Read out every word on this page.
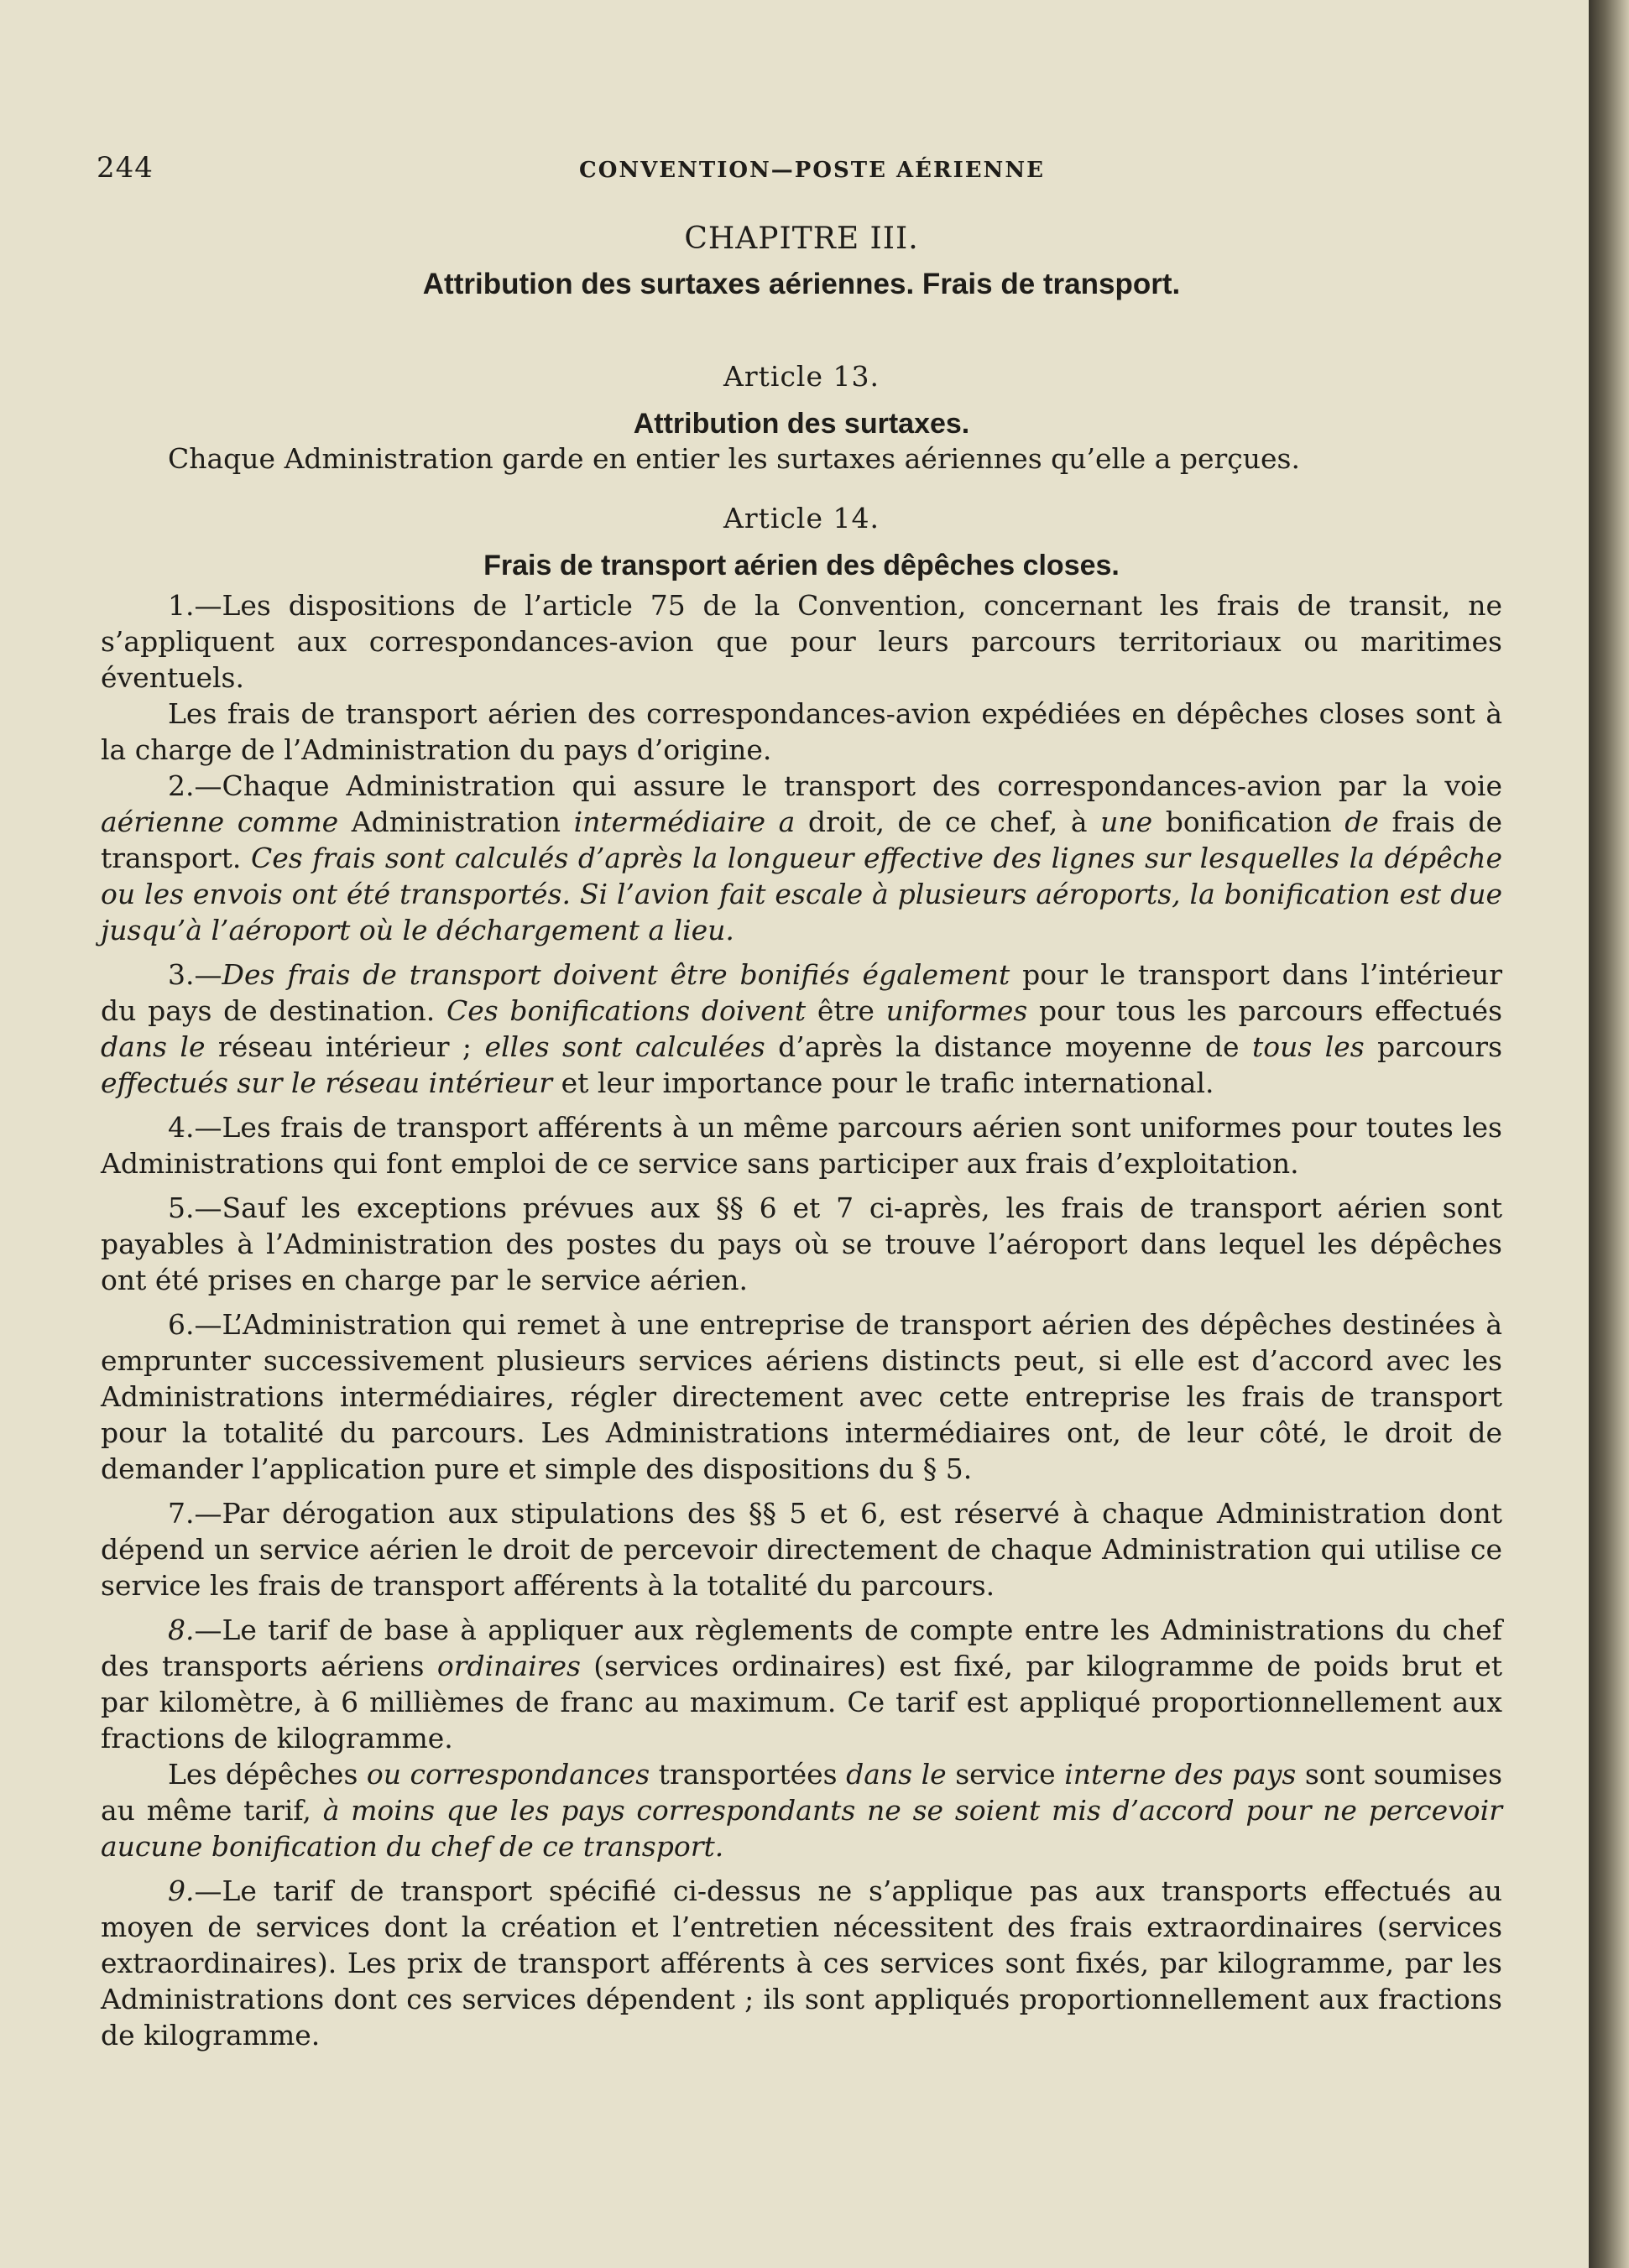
244	CONVENTION—POSTE AÉRIENNE
CHAPITRE III.
Attribution des surtaxes aériennes. Frais de transport.
Article 13.
Attribution des surtaxes.

Chaque Administration garde en entier les surtaxes aériennes qu’elle a perçues.

Article 14.
Frais de transport aérien des dêpêches closes.

1.—Les dispositions de l’article 75 de la Convention, concernant les frais de transit, ne s’appliquent aux correspondances-avion que pour leurs parcours territoriaux ou maritimes éventuels.

Les frais de transport aérien des correspondances-avion expédiées en dépêches closes sont à la charge de l’Administration du pays d’origine.

2.—Chaque Administration qui assure le transport des correspondances-avion par la voie aérienne comme Administration intermédiaire a droit, de ce chef, à une bonification de frais de transport. Ces frais sont calculés d’après la longueur effective des lignes sur lesquelles la dépêche ou les envois ont été transportés. Si l’avion fait escale à plusieurs aéroports, la bonification est due jusqu’à l’aéroport où le déchargement a lieu.

3.—Des frais de transport doivent être bonifiés également pour le transport dans l’intérieur du pays de destination. Ces bonifications doivent être uniformes pour tous les parcours effectués dans le réseau intérieur ; elles sont calculées d’après la distance moyenne de tous les parcours effectués sur le réseau intérieur et leur importance pour le trafic international.

4.—Les frais de transport afférents à un même parcours aérien sont uniformes pour toutes les Administrations qui font emploi de ce service sans participer aux frais d’exploitation.

5.—Sauf les exceptions prévues aux §§ 6 et 7 ci-après, les frais de transport aérien sont payables à l’Administration des postes du pays où se trouve l’aéroport dans lequel les dépêches ont été prises en charge par le service aérien.

6.—L’Administration qui remet à une entreprise de transport aérien des dépêches destinées à emprunter successivement plusieurs services aériens distincts peut, si elle est d’accord avec les Administrations intermédiaires, régler directement avec cette entreprise les frais de transport pour la totalité du parcours. Les Administrations intermédiaires ont, de leur côté, le droit de demander l’application pure et simple des dispositions du § 5.

7.—Par dérogation aux stipulations des §§ 5 et 6, est réservé à chaque Administration dont dépend un service aérien le droit de percevoir directement de chaque Administration qui utilise ce service les frais de transport afférents à la totalité du parcours.

8.—Le tarif de base à appliquer aux règlements de compte entre les Administrations du chef des transports aériens ordinaires (services ordinaires) est fixé, par kilogramme de poids brut et par kilomètre, à 6 millièmes de franc au maximum. Ce tarif est appliqué proportionnellement aux fractions de kilogramme.

Les dépêches ou correspondances transportées dans le service interne des pays sont soumises au même tarif, à moins que les pays correspondants ne se soient mis d’accord pour ne percevoir aucune bonification du chef de ce transport.

9.—Le tarif de transport spécifié ci-dessus ne s’applique pas aux transports effectués au moyen de services dont la création et l’entretien nécessitent des frais extraordinaires (services extraordinaires). Les prix de transport afférents à ces services sont fixés, par kilogramme, par les Administrations dont ces services dépendent ; ils sont appliqués proportionnellement aux fractions de kilogramme.
